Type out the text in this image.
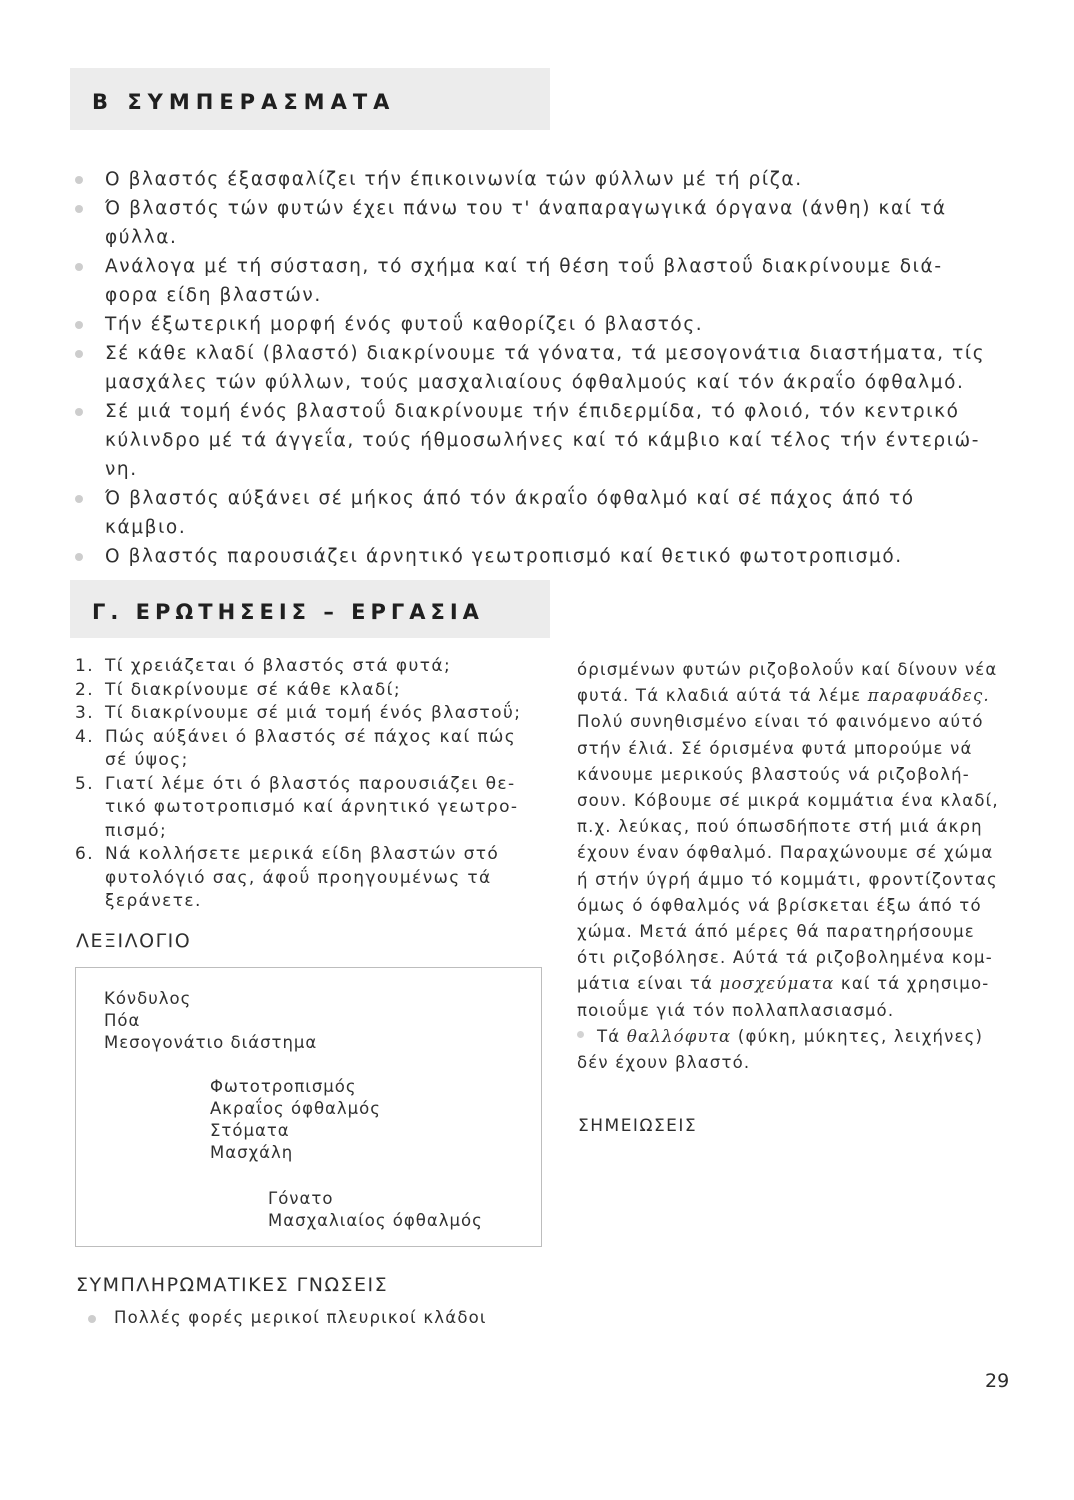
Β ΣΥΜΠΕΡΑΣΜΑΤΑ

Ο βλαστός έξασφαλίζει τήν έπικοινωνία τών φύλλων μέ τή ρίζα.

Ό βλαστός τών φυτών έχει πάνω του τ' άναπαραγωγικά όργανα (άνθη) καί τά
φύλλα.

Ανάλογα μέ τή σύσταση, τό σχήμα καί τή θέση τοΰ βλαστοΰ διακρίνουμε διά-
φορα είδη βλαστών.

Τήν έξωτερική μορφή ένός φυτοΰ καθορίζει ό βλαστός.

Σέ κάθε κλαδί (βλαστό) διακρίνουμε τά γόνατα, τά μεσογονάτια διαστήματα, τίς
μασχάλες τών φύλλων, τούς μασχαλιαίους όφθαλμούς καί τόν άκραΐο όφθαλμό.

Σέ μιά τομή ένός βλαστοΰ διακρίνουμε τήν έπιδερμίδα, τό φλοιό, τόν κεντρικό
κύλινδρο μέ τά άγγεΐα, τούς ήθμοσωλήνες καί τό κάμβιο καί τέλος τήν έντεριώ-
νη.

Ό βλαστός αύξάνει σέ μήκος άπό τόν άκραΐο όφθαλμό καί σέ πάχος άπό τό
κάμβιο.

Ο βλαστός παρουσιάζει άρνητικό γεωτροπισμό καί θετικό φωτοτροπισμό.

Γ. ΕΡΩΤΗΣΕΙΣ – ΕΡΓΑΣΙΑ

1. Τί χρειάζεται ό βλαστός στά φυτά;

2. Τί διακρίνουμε σέ κάθε κλαδί;

3. Τί διακρίνουμε σέ μιά τομή ένός βλαστοΰ;

4. Πώς αύξάνει ό βλαστός σέ πάχος καί πώς
σέ ύψος;

5. Γιατί λέμε ότι ό βλαστός παρουσιάζει θε-
τικό φωτοτροπισμό καί άρνητικό γεωτρο-
πισμό;

6. Νά κολλήσετε μερικά είδη βλαστών στό
φυτολόγιό σας, άφοΰ προηγουμένως τά
ξεράνετε.

ΛΕΞΙΛΟΓΙΟ
Κόνδυλος
Πόα
Μεσογονάτιο διάστημα
Φωτοτροπισμός
Ακραΐος όφθαλμός
Στόματα
Μασχάλη
Γόνατο
Μασχαλιαίος όφθαλμός
ΣΥΜΠΛΗΡΩΜΑΤΙΚΕΣ ΓΝΩΣΕΙΣ
Πολλές φορές μερικοί πλευρικοί κλάδοι

όρισμένων φυτών ριζοβολοΰν καί δίνουν νέα

φυτά. Τά κλαδιά αύτά τά λέμε παραφυάδες.

Πολύ συνηθισμένο είναι τό φαινόμενο αύτό

στήν έλιά. Σέ όρισμένα φυτά μπορούμε νά

κάνουμε μερικούς βλαστούς νά ριζοβολή-

σουν. Κόβουμε σέ μικρά κομμάτια ένα κλαδί,

π.χ. λεύκας, πού όπωσδήποτε στή μιά άκρη

έχουν έναν όφθαλμό. Παραχώνουμε σέ χώμα

ή στήν ύγρή άμμο τό κομμάτι, φροντίζοντας

όμως ό όφθαλμός νά βρίσκεται έξω άπό τό

χώμα. Μετά άπό μέρες θά παρατηρήσουμε

ότι ριζοβόλησε. Αύτά τά ριζοβολημένα κομ-

μάτια είναι τά μοσχεύματα καί τά χρησιμο-

ποιοΰμε γιά τόν πολλαπλασιασμό.

Τά θαλλόφυτα (φύκη, μύκητες, λειχήνες)

δέν έχουν βλαστό.

ΣΗΜΕΙΩΣΕΙΣ
29
